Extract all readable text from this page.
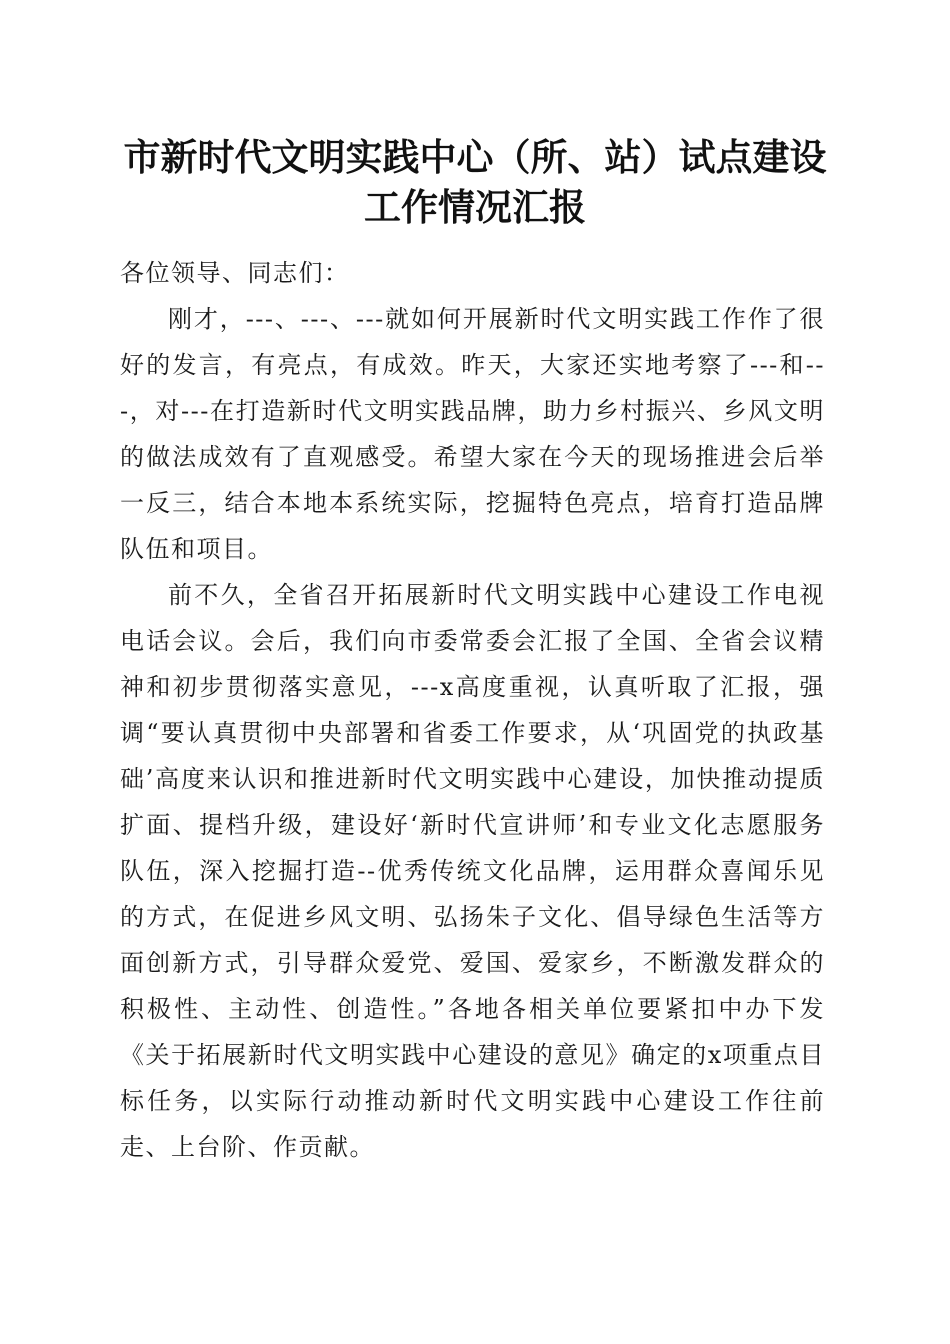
市新时代文明实践中心（所、站）试点建设工作情况汇报

各位领导、同志们：

刚才，---、---、---就如何开展新时代文明实践工作作了很好的发言，有亮点，有成效。昨天，大家还实地考察了---和---，对---在打造新时代文明实践品牌，助力乡村振兴、乡风文明的做法成效有了直观感受。希望大家在今天的现场推进会后举一反三，结合本地本系统实际，挖掘特色亮点，培育打造品牌队伍和项目。

前不久，全省召开拓展新时代文明实践中心建设工作电视电话会议。会后，我们向市委常委会汇报了全国、全省会议精神和初步贯彻落实意见，---x高度重视，认真听取了汇报，强调“要认真贯彻中央部署和省委工作要求，从‘巩固党的执政基础’高度来认识和推进新时代文明实践中心建设，加快推动提质扩面、提档升级，建设好‘新时代宣讲师’和专业文化志愿服务队伍，深入挖掘打造--优秀传统文化品牌，运用群众喜闻乐见的方式，在促进乡风文明、弘扬朱子文化、倡导绿色生活等方面创新方式，引导群众爱党、爱国、爱家乡，不断激发群众的积极性、主动性、创造性。”各地各相关单位要紧扣中办下发《关于拓展新时代文明实践中心建设的意见》确定的x项重点目标任务，以实际行动推动新时代文明实践中心建设工作往前走、上台阶、作贡献。
